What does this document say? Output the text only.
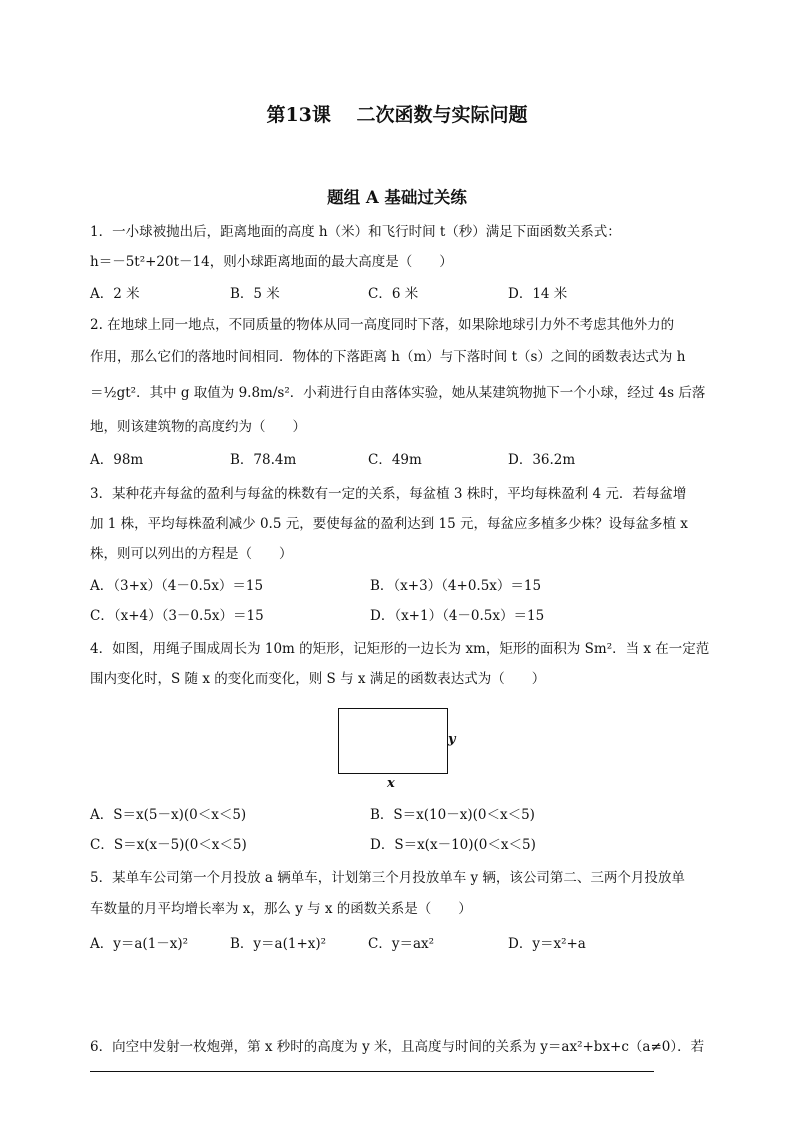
第13课　 二次函数与实际问题
题组 A 基础过关练
1．一小球被抛出后，距离地面的高度 h（米）和飞行时间 t（秒）满足下面函数关系式：
h＝－5t²+20t－14，则小球距离地面的最大高度是（　　）
A．2 米	B．5 米	C．6 米	D．14 米
2. 在地球上同一地点，不同质量的物体从同一高度同时下落，如果除地球引力外不考虑其他外力的
作用，那么它们的落地时间相同．物体的下落距离 h（m）与下落时间 t（s）之间的函数表达式为 h
＝½gt²．其中 g 取值为 9.8m/s²．小莉进行自由落体实验，她从某建筑物抛下一个小球，经过 4s 后落
地，则该建筑物的高度约为（　　）
A．98m	B．78.4m	C．49m	D．36.2m
3．某种花卉每盆的盈利与每盆的株数有一定的关系，每盆植 3 株时，平均每株盈利 4 元．若每盆增
加 1 株，平均每株盈利减少 0.5 元，要使每盆的盈利达到 15 元，每盆应多植多少株？设每盆多植 x
株，则可以列出的方程是（　　）
A．（3+x）（4－0.5x）＝15	B．（x+3）（4+0.5x）＝15
C．（x+4）（3－0.5x）＝15	D．（x+1）（4－0.5x）＝15
4．如图，用绳子围成周长为 10m 的矩形，记矩形的一边长为 xm，矩形的面积为 Sm²．当 x 在一定范
围内变化时，S 随 x 的变化而变化，则 S 与 x 满足的函数表达式为（　　）
y
x
A．S＝x(5－x)(0＜x＜5)	B．S＝x(10－x)(0＜x＜5)
C．S＝x(x－5)(0＜x＜5)	D．S＝x(x－10)(0＜x＜5)
5．某单车公司第一个月投放 a 辆单车，计划第三个月投放单车 y 辆，该公司第二、三两个月投放单
车数量的月平均增长率为 x，那么 y 与 x 的函数关系是（　　）
A．y＝a(1－x)²	B．y＝a(1+x)²	C．y＝ax²	D．y＝x²+a
6．向空中发射一枚炮弹，第 x 秒时的高度为 y 米，且高度与时间的关系为 y＝ax²+bx+c（a≠0）．若
